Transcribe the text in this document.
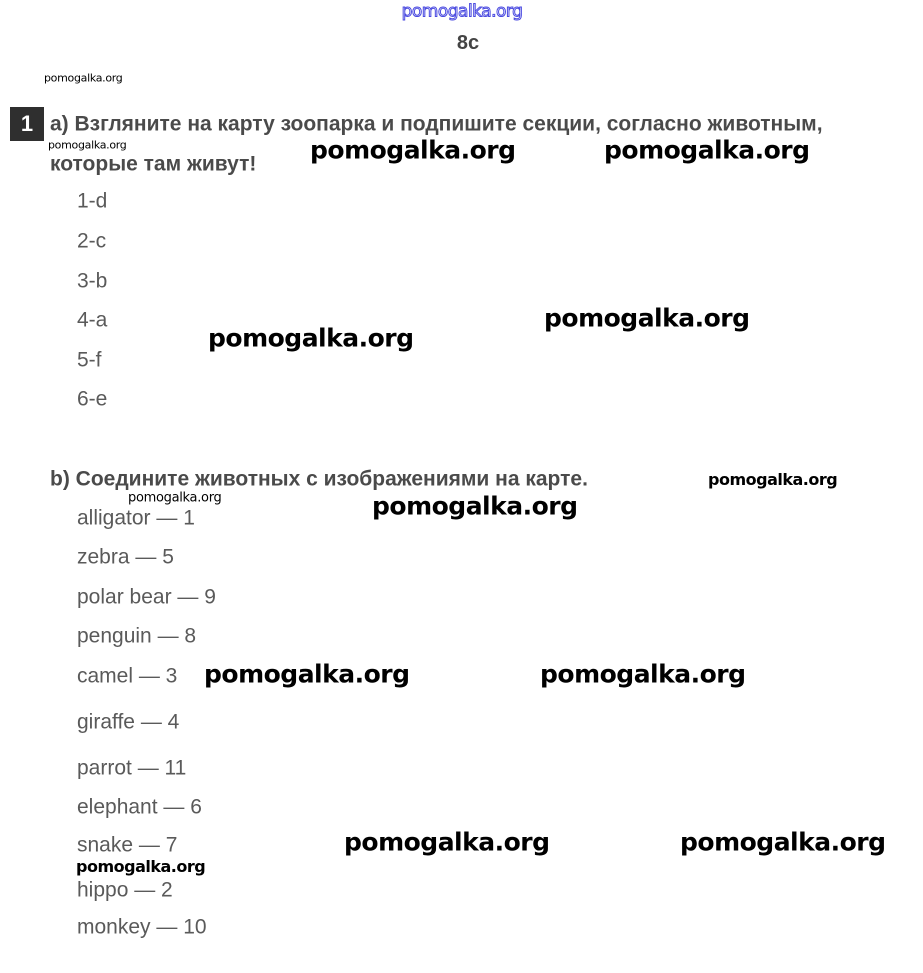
pomogalka.org
8c
1 a) Взгляните на карту зоопарка и подпишите секции, согласно животным,
которые там живут!
1-d
2-c
3-b
4-a
5-f
6-e
b) Соедините животных с изображениями на карте.
alligator — 1
zebra — 5
polar bear — 9
penguin — 8
camel — 3
giraffe — 4
parrot — 11
elephant — 6
snake — 7
hippo — 2
monkey — 10
pomogalka.org
pomogalka.org	pomogalka.org	pomogalka.org
pomogalka.org
pomogalka.org
pomogalka.org
pomogalka.org	pomogalka.org
pomogalka.org	pomogalka.org
pomogalka.org	pomogalka.org
pomogalka.org
